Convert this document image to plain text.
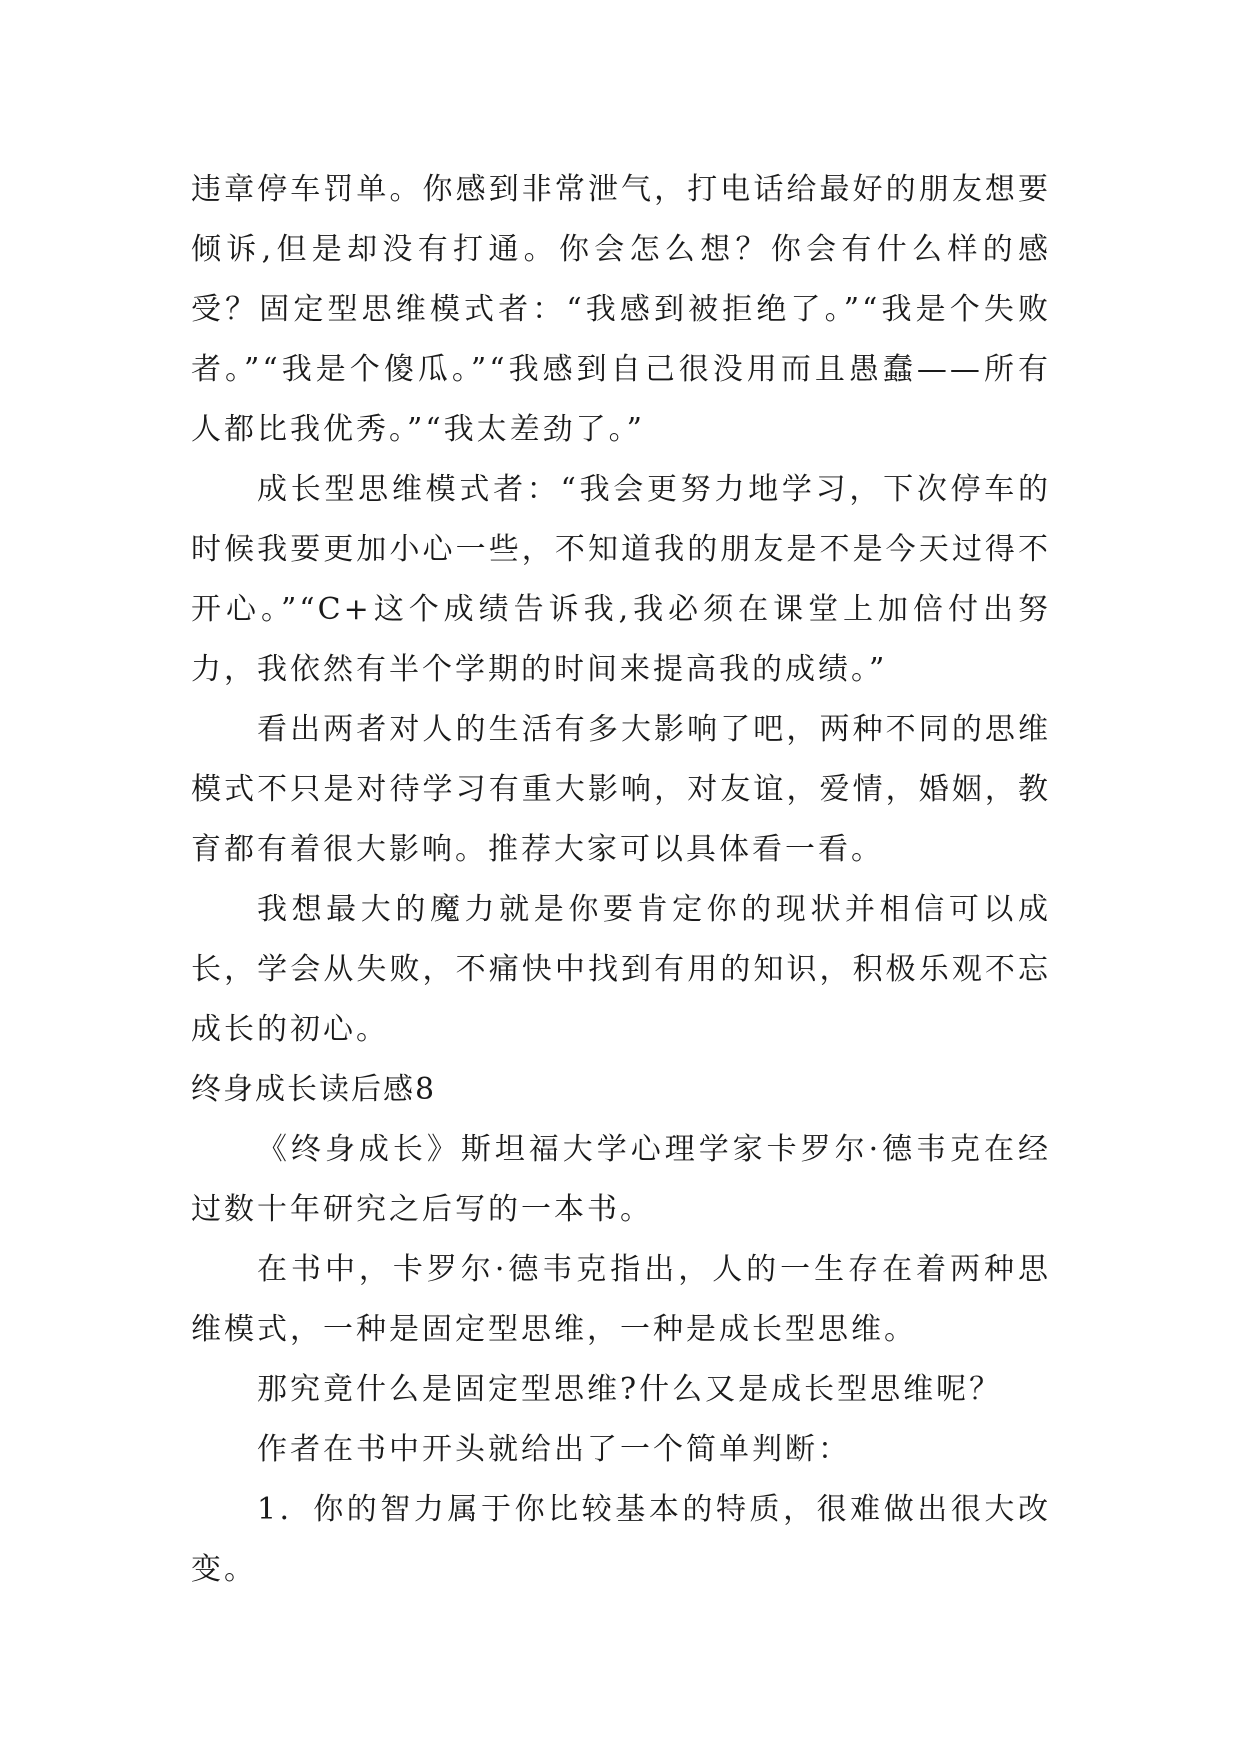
违章停车罚单。你感到非常泄气，打电话给最好的朋友想要倾诉,但是却没有打通。你会怎么想？你会有什么样的感受？固定型思维模式者：“我感到被拒绝了。”“我是个失败者。”“我是个傻瓜。”“我感到自己很没用而且愚蠢——所有人都比我优秀。”“我太差劲了。”

成长型思维模式者：“我会更努力地学习，下次停车的时候我要更加小心一些，不知道我的朋友是不是今天过得不开心。”“C+这个成绩告诉我,我必须在课堂上加倍付出努力，我依然有半个学期的时间来提高我的成绩。”

看出两者对人的生活有多大影响了吧，两种不同的思维模式不只是对待学习有重大影响，对友谊，爱情，婚姻，教育都有着很大影响。推荐大家可以具体看一看。

我想最大的魔力就是你要肯定你的现状并相信可以成长，学会从失败，不痛快中找到有用的知识，积极乐观不忘成长的初心。

终身成长读后感8

《终身成长》斯坦福大学心理学家卡罗尔·德韦克在经过数十年研究之后写的一本书。

在书中，卡罗尔·德韦克指出，人的一生存在着两种思维模式，一种是固定型思维，一种是成长型思维。

那究竟什么是固定型思维?什么又是成长型思维呢？

作者在书中开头就给出了一个简单判断：

1．你的智力属于你比较基本的特质，很难做出很大改变。
